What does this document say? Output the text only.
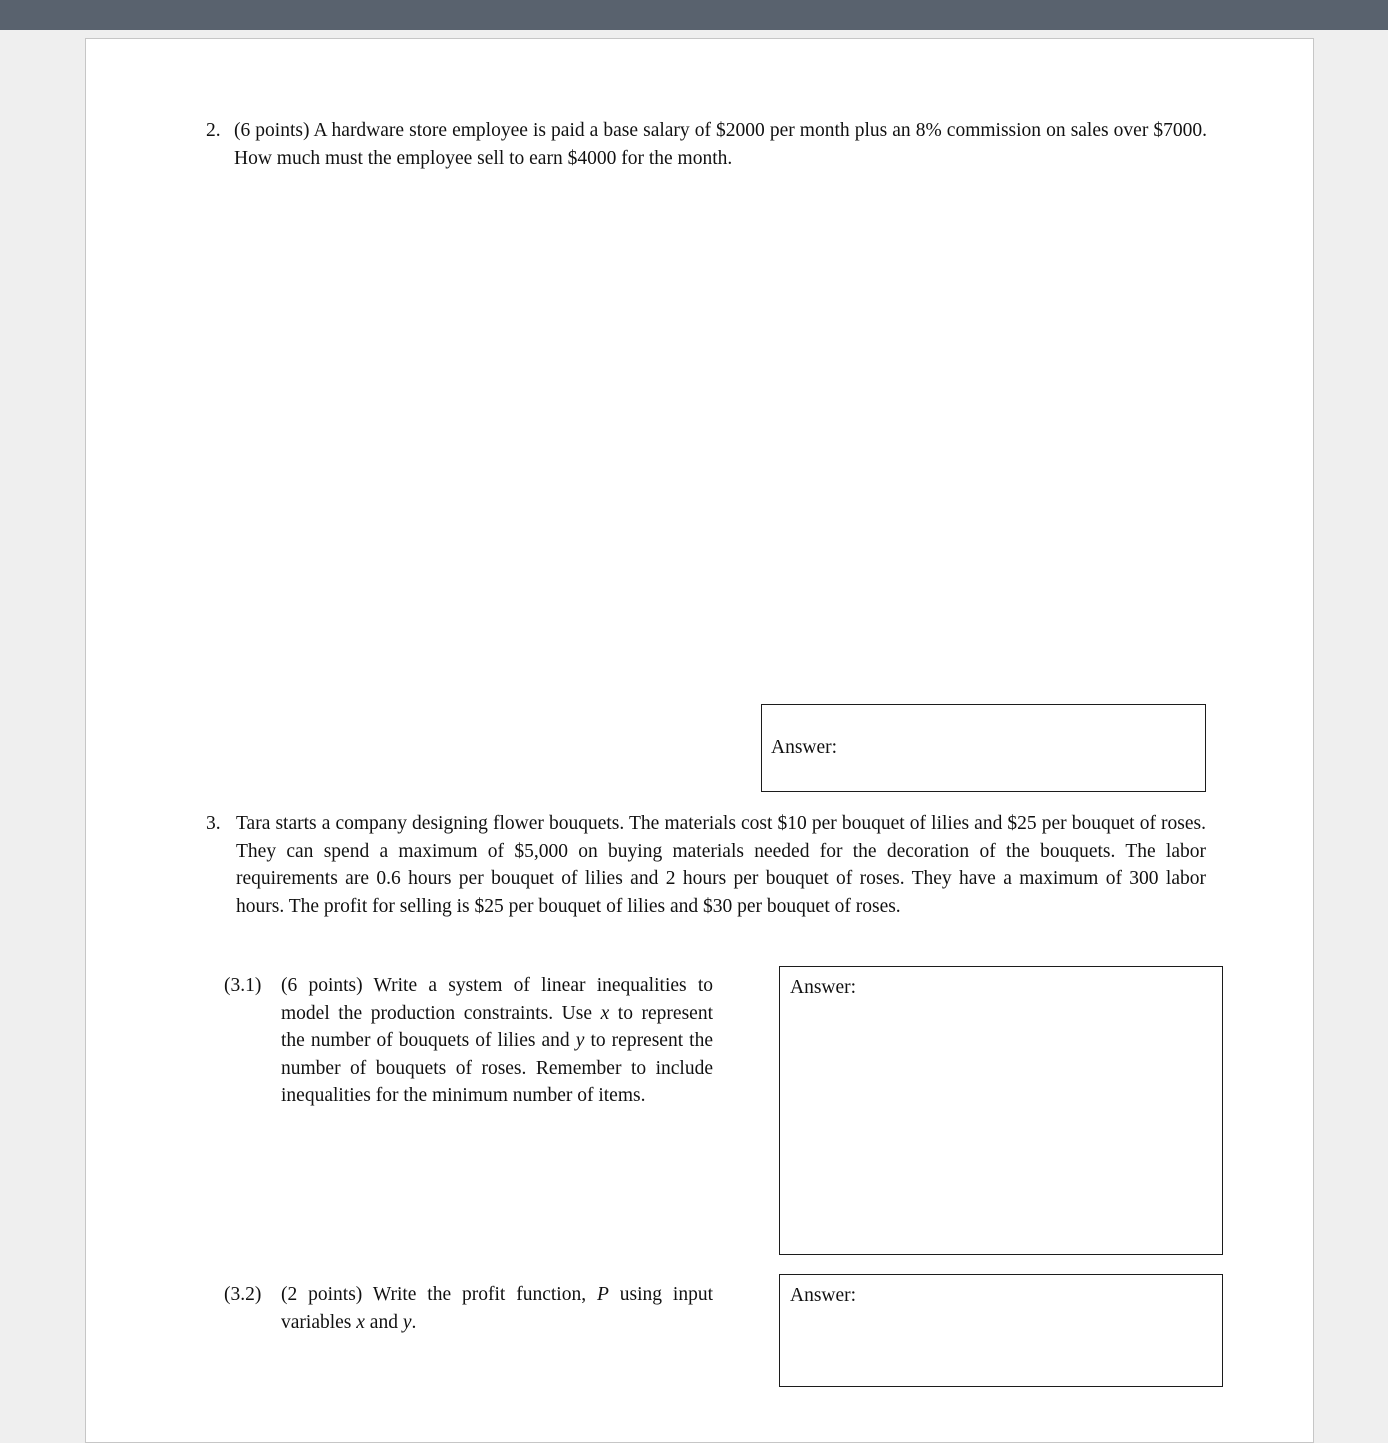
2. (6 points) A hardware store employee is paid a base salary of $2000 per month plus an 8% commission on sales over $7000. How much must the employee sell to earn $4000 for the month.
Answer:
3. Tara starts a company designing flower bouquets. The materials cost $10 per bouquet of lilies and $25 per bouquet of roses. They can spend a maximum of $5,000 on buying materials needed for the decoration of the bouquets. The labor requirements are 0.6 hours per bouquet of lilies and 2 hours per bouquet of roses. They have a maximum of 300 labor hours. The profit for selling is $25 per bouquet of lilies and $30 per bouquet of roses.
(3.1) (6 points) Write a system of linear inequalities to model the production constraints. Use x to represent the number of bouquets of lilies and y to represent the number of bouquets of roses. Remember to include inequalities for the minimum number of items.
Answer:
(3.2) (2 points) Write the profit function, P using input variables x and y.
Answer:
